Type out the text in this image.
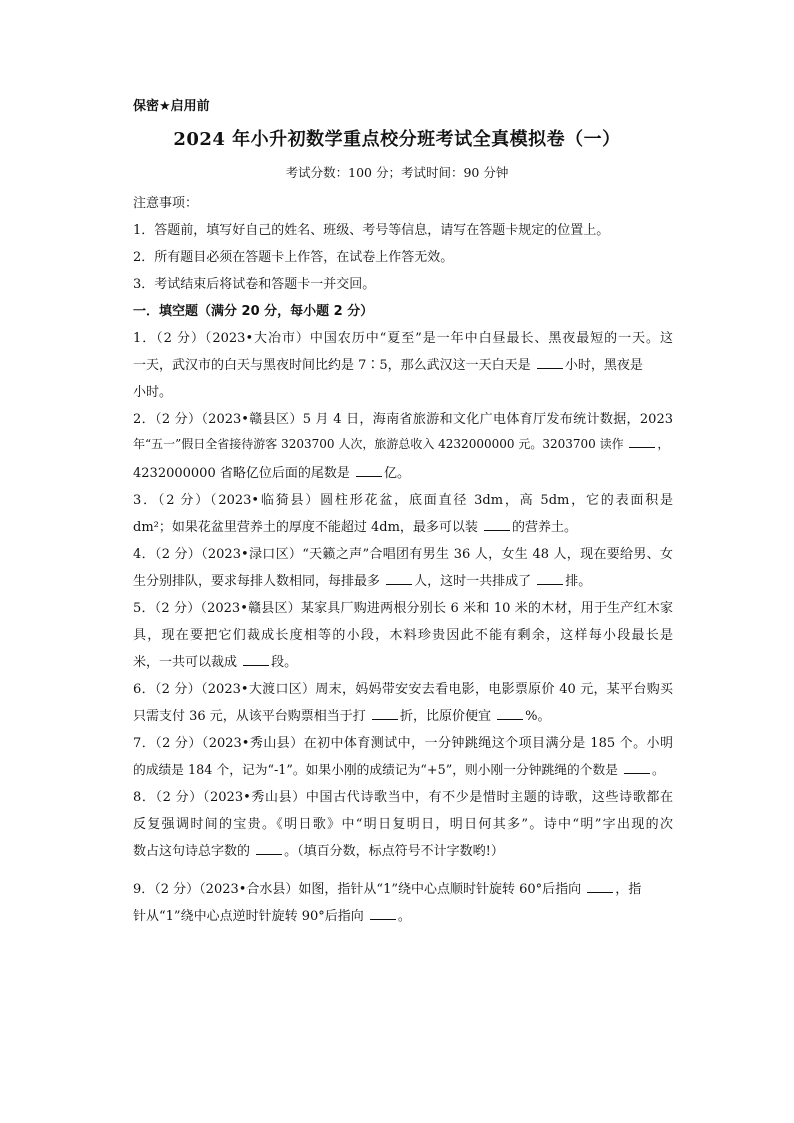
保密★启用前
2024 年小升初数学重点校分班考试全真模拟卷（一）
考试分数：100 分；考试时间：90 分钟
注意事项：
1．答题前，填写好自己的姓名、班级、考号等信息，请写在答题卡规定的位置上。
2．所有题目必须在答题卡上作答，在试卷上作答无效。
3．考试结束后将试卷和答题卡一并交回。
一．填空题（满分 20 分，每小题 2 分）
1．（2 分）（2023•大冶市）中国农历中“夏至”是一年中白昼最长、黑夜最短的一天。这
一天，武汉市的白天与黑夜时间比约是 7∶5，那么武汉这一天白天是 小时，黑夜是
小时。
2．（2 分）（2023•赣县区）5 月 4 日，海南省旅游和文化广电体育厅发布统计数据，2023
年“五一”假日全省接待游客 3203700 人次，旅游总收入 4232000000 元。3203700 读作	，
4232000000 省略亿位后面的尾数是 亿。
3．（2 分）（2023•临猗县）圆柱形花盆，底面直径 3dm，高 5dm，它的表面积是
dm²；如果花盆里营养土的厚度不能超过 4dm，最多可以装 的营养土。
4．（2 分）（2023•渌口区）“天籁之声”合唱团有男生 36 人，女生 48 人，现在要给男、女
生分别排队，要求每排人数相同，每排最多 人，这时一共排成了 排。
5．（2 分）（2023•赣县区）某家具厂购进两根分别长 6 米和 10 米的木材，用于生产红木家
具，现在要把它们裁成长度相等的小段，木料珍贵因此不能有剩余，这样每小段最长是
米，一共可以裁成 段。
6．（2 分）（2023•大渡口区）周末，妈妈带安安去看电影，电影票原价 40 元，某平台购买
只需支付 36 元，从该平台购票相当于打 折，比原价便宜 %。
7．（2 分）（2023•秀山县）在初中体育测试中，一分钟跳绳这个项目满分是 185 个。小明
的成绩是 184 个，记为“-1”。如果小刚的成绩记为“+5”，则小刚一分钟跳绳的个数是 。
8．（2 分）（2023•秀山县）中国古代诗歌当中，有不少是惜时主题的诗歌，这些诗歌都在
反复强调时间的宝贵。《明日歌》中“明日复明日，明日何其多”。诗中“明”字出现的次
数占这句诗总字数的 。（填百分数，标点符号不计字数哟!）
9．（2 分）（2023•合水县）如图，指针从“1”绕中心点顺时针旋转 60°后指向 ，指
针从“1”绕中心点逆时针旋转 90°后指向 。
